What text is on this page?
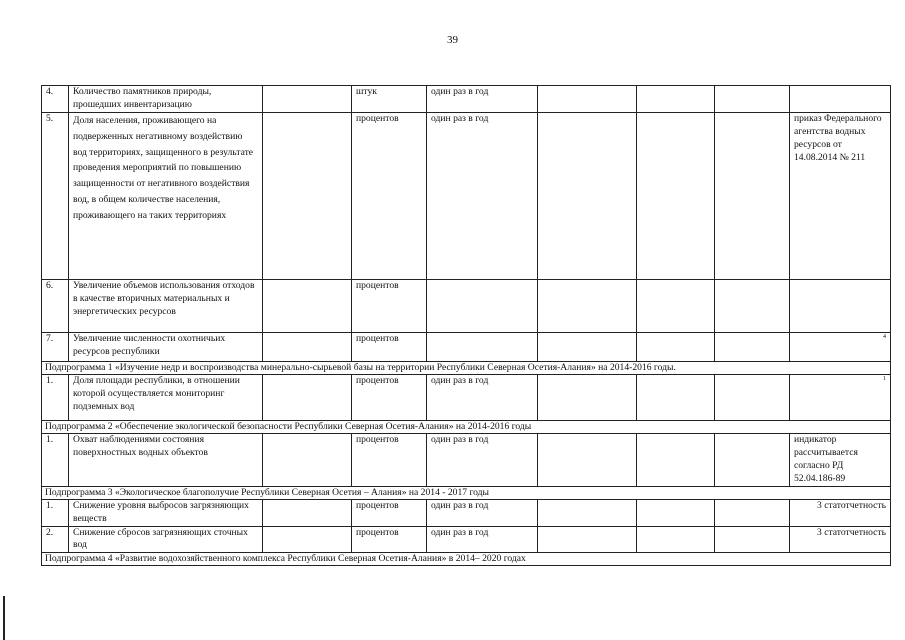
39
4.	Количество памятников природы, прошедших инвентаризацию		штук	один раз в год				
5.	Доля населения, проживающего на подверженных негативному воздействию вод территориях, защищенного в результате проведения мероприятий по повышению защищенности от негативного воздействия вод, в общем количестве населения, проживающего на таких территориях		процентов	один раз в год				приказ Федерального агентства водных ресурсов от 14.08.2014 № 211
6.	Увеличение объемов использования отходов в качестве вторичных материальных и энергетических ресурсов		процентов					
7.	Увеличение численности охотничьих ресурсов республики		процентов					4
Подпрограмма 1 «Изучение недр и воспроизводства минерально-сырьевой базы на территории Республики Северная Осетия-Алания» на 2014-2016 годы.								
1.	Доля площади республики, в отношении которой осуществляется мониторинг подземных вод		процентов	один раз в год				1
Подпрограмма 2 «Обеспечение экологической безопасности Республики Северная Осетия-Алания» на 2014-2016 годы								
1.	Охват наблюдениями состояния поверхностных водных объектов		процентов	один раз в год				индикатор рассчитывается согласно РД 52.04.186-89
Подпрограмма 3 «Экологическое благополучие Республики Северная Осетия – Алания» на 2014 - 2017 годы								
1.	Снижение уровня выбросов загрязняющих веществ		процентов	один раз в год				3 статотчетность
2.	Снижение сбросов загрязняющих сточных вод		процентов	один раз в год				3 статотчетность
Подпрограмма 4 «Развитие водохозяйственного комплекса Республики Северная Осетия-Алания» в 2014– 2020 годах								
